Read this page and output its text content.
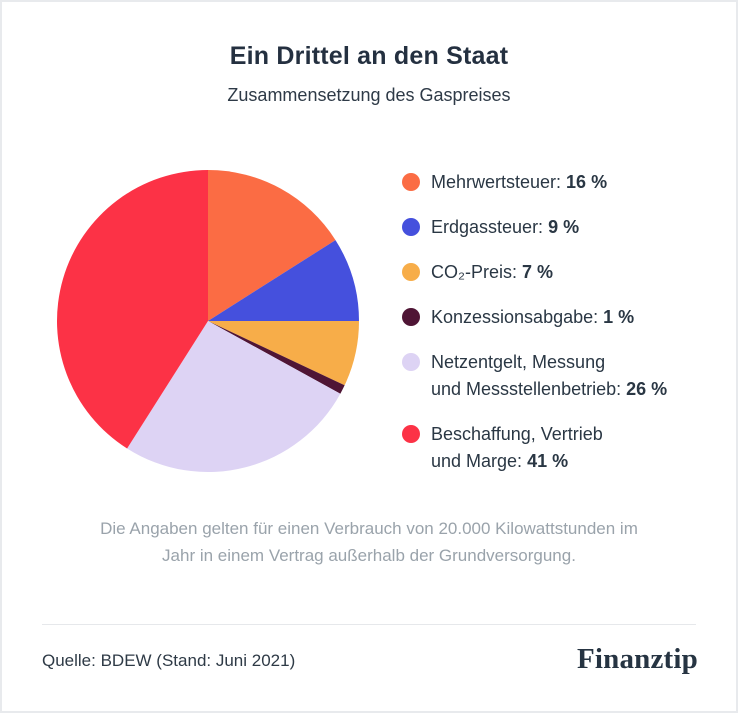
Ein Drittel an den Staat
Zusammensetzung des Gaspreises
Mehrwertsteuer: 16 %
Erdgassteuer: 9 %
CO₂-Preis: 7 %
Konzessionsabgabe: 1 %
Netzentgelt, Messung
und Messstellenbetrieb: 26 %
Beschaffung, Vertrieb
und Marge: 41 %

Die Angaben gelten für einen Verbrauch von 20.000 Kilowattstunden im
Jahr in einem Vertrag außerhalb der Grundversorgung.

Quelle: BDEW (Stand: Juni 2021)	Finanztip
